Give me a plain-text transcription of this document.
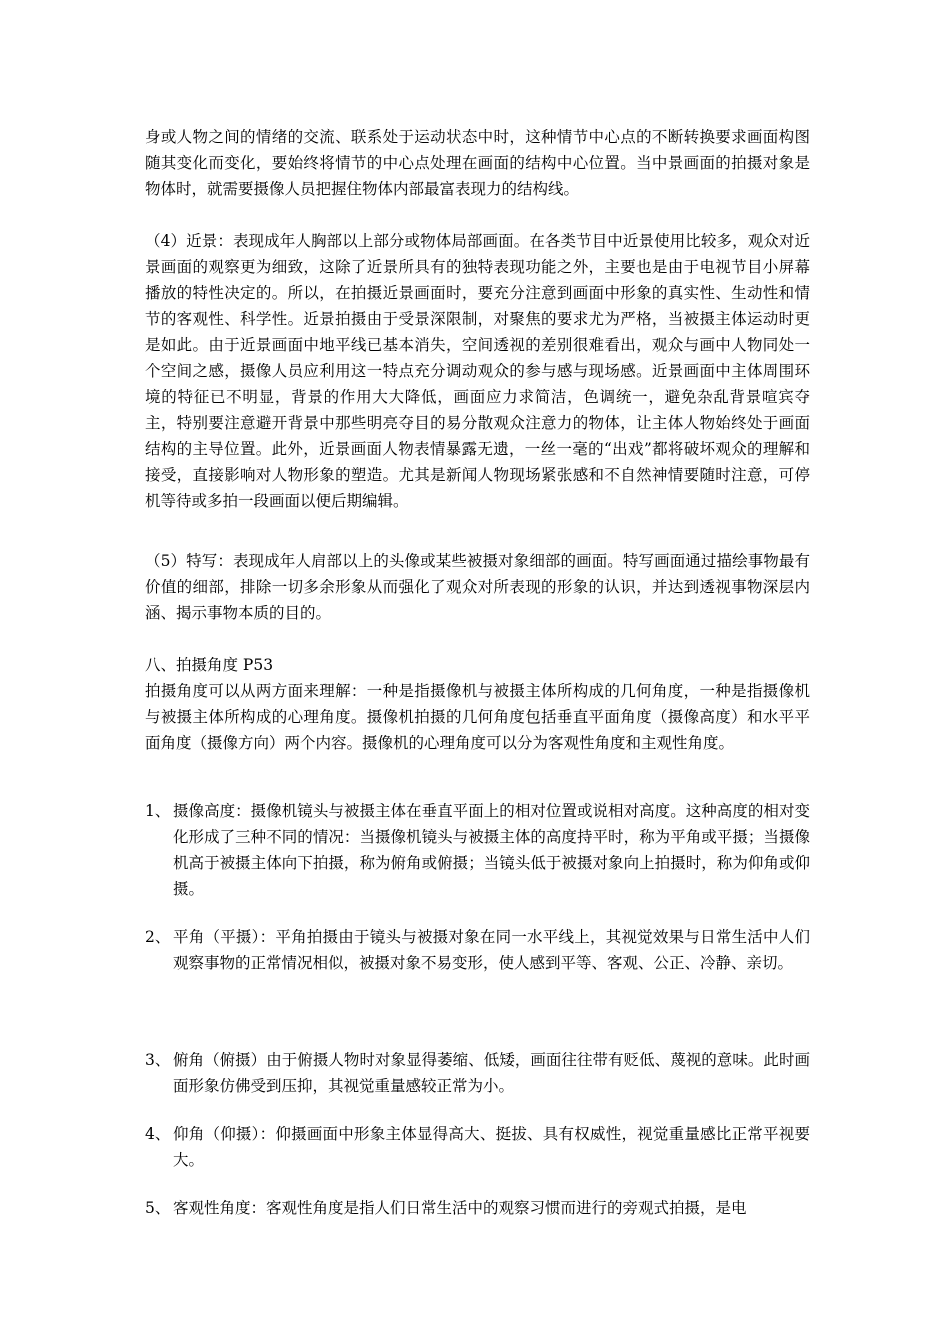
身或人物之间的情绪的交流、联系处于运动状态中时，这种情节中心点的不断转换要求画面构图随其变化而变化，要始终将情节的中心点处理在画面的结构中心位置。当中景画面的拍摄对象是物体时，就需要摄像人员把握住物体内部最富表现力的结构线。
（4）近景：表现成年人胸部以上部分或物体局部画面。在各类节目中近景使用比较多，观众对近景画面的观察更为细致，这除了近景所具有的独特表现功能之外，主要也是由于电视节目小屏幕播放的特性决定的。所以，在拍摄近景画面时，要充分注意到画面中形象的真实性、生动性和情节的客观性、科学性。近景拍摄由于受景深限制，对聚焦的要求尤为严格，当被摄主体运动时更是如此。由于近景画面中地平线已基本消失，空间透视的差别很难看出，观众与画中人物同处一个空间之感，摄像人员应利用这一特点充分调动观众的参与感与现场感。近景画面中主体周围环境的特征已不明显，背景的作用大大降低，画面应力求简洁，色调统一，避免杂乱背景喧宾夺主，特别要注意避开背景中那些明亮夺目的易分散观众注意力的物体，让主体人物始终处于画面结构的主导位置。此外，近景画面人物表情暴露无遗，一丝一毫的“出戏”都将破坏观众的理解和接受，直接影响对人物形象的塑造。尤其是新闻人物现场紧张感和不自然神情要随时注意，可停机等待或多拍一段画面以便后期编辑。
（5）特写：表现成年人肩部以上的头像或某些被摄对象细部的画面。特写画面通过描绘事物最有价值的细部，排除一切多余形象从而强化了观众对所表现的形象的认识，并达到透视事物深层内涵、揭示事物本质的目的。
八、拍摄角度 P53
拍摄角度可以从两方面来理解：一种是指摄像机与被摄主体所构成的几何角度，一种是指摄像机与被摄主体所构成的心理角度。摄像机拍摄的几何角度包括垂直平面角度（摄像高度）和水平平面角度（摄像方向）两个内容。摄像机的心理角度可以分为客观性角度和主观性角度。
1、 摄像高度：摄像机镜头与被摄主体在垂直平面上的相对位置或说相对高度。这种高度的相对变化形成了三种不同的情况：当摄像机镜头与被摄主体的高度持平时，称为平角或平摄；当摄像机高于被摄主体向下拍摄，称为俯角或俯摄；当镜头低于被摄对象向上拍摄时，称为仰角或仰摄。
2、 平角（平摄）：平角拍摄由于镜头与被摄对象在同一水平线上，其视觉效果与日常生活中人们观察事物的正常情况相似，被摄对象不易变形，使人感到平等、客观、公正、冷静、亲切。
3、 俯角（俯摄）由于俯摄人物时对象显得萎缩、低矮，画面往往带有贬低、蔑视的意味。此时画面形象仿佛受到压抑，其视觉重量感较正常为小。
4、 仰角（仰摄）：仰摄画面中形象主体显得高大、挺拔、具有权威性，视觉重量感比正常平视要大。
5、 客观性角度：客观性角度是指人们日常生活中的观察习惯而进行的旁观式拍摄，是电
